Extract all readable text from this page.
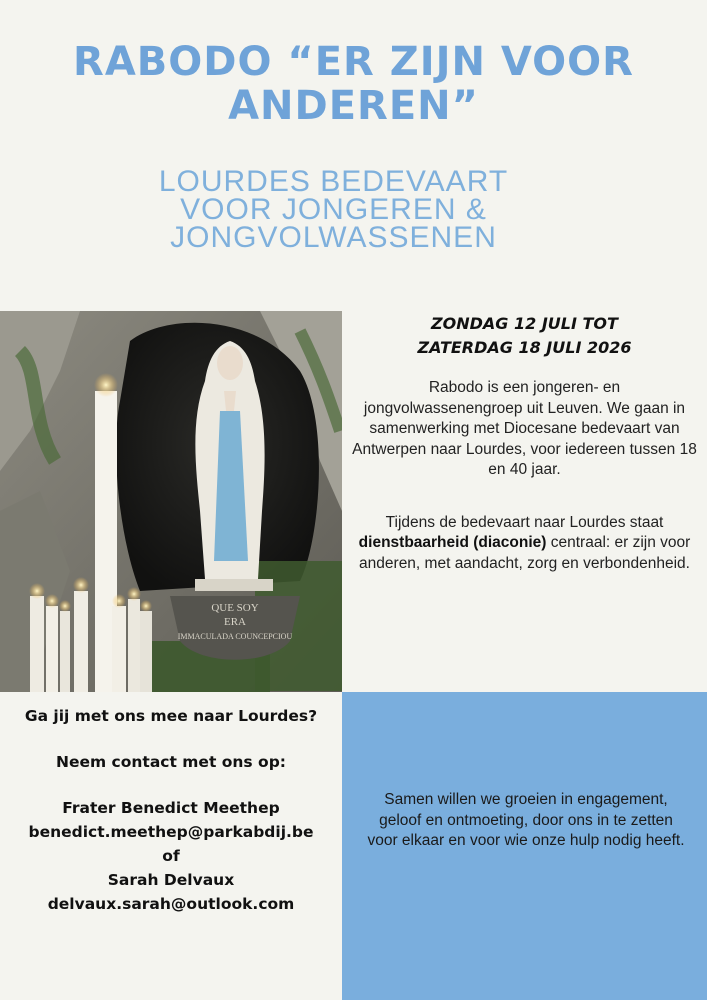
RABODO “ER ZIJN VOOR
ANDEREN”
LOURDES BEDEVAART
VOOR JONGEREN &
JONGVOLWASSENEN
QUE SOY
ERA
IMMACULADA COUNCEPCIOU
ZONDAG 12 JULI TOT
ZATERDAG 18 JULI 2026
Rabodo is een jongeren- en jongvolwassenengroep uit Leuven. We gaan in samenwerking met Diocesane bedevaart van Antwerpen naar Lourdes, voor iedereen tussen 18 en 40 jaar.
Tijdens de bedevaart naar Lourdes staat dienstbaarheid (diaconie) centraal: er zijn voor anderen, met aandacht, zorg en verbondenheid.
Ga jij met ons mee naar Lourdes?
Neem contact met ons op:
Frater Benedict Meethep
benedict.meethep@parkabdij.be
of
Sarah Delvaux
delvaux.sarah@outlook.com
Samen willen we groeien in engagement, geloof en ontmoeting, door ons in te zetten voor elkaar en voor wie onze hulp nodig heeft.
